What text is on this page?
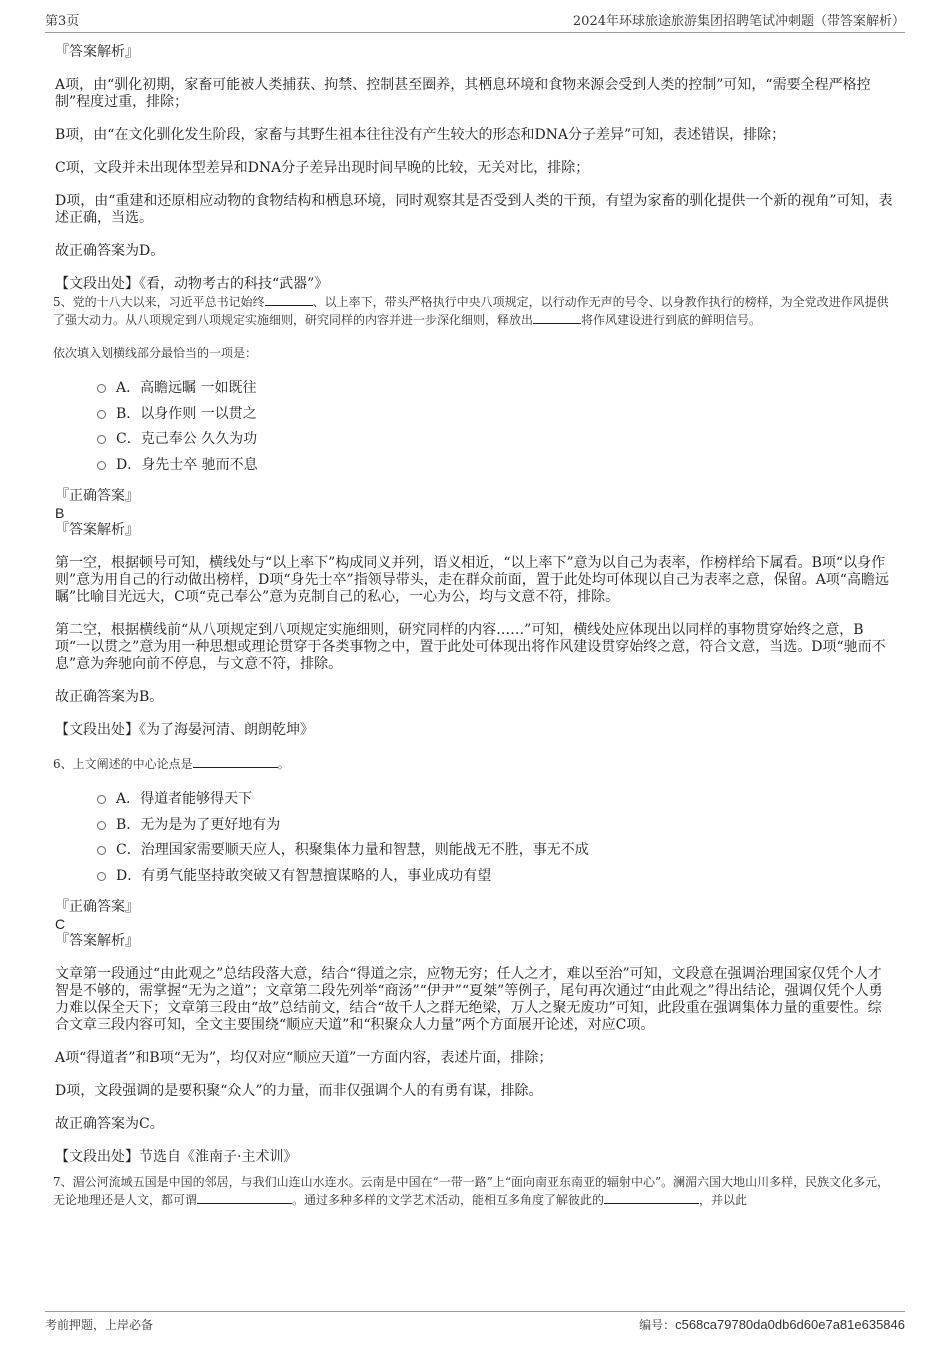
第3页	2024年环球旅途旅游集团招聘笔试冲刺题（带答案解析）

『答案解析』

A项，由“驯化初期，家畜可能被人类捕获、拘禁、控制甚至圈养，其栖息环境和食物来源会受到人类的控制”可知，“需要全程严格控制”程度过重，排除；

B项，由“在文化驯化发生阶段，家畜与其野生祖本往往没有产生较大的形态和DNA分子差异”可知，表述错误，排除；

C项，文段并未出现体型差异和DNA分子差异出现时间早晚的比较，无关对比，排除；

D项，由“重建和还原相应动物的食物结构和栖息环境，同时观察其是否受到人类的干预，有望为家畜的驯化提供一个新的视角”可知，表述正确，当选。

故正确答案为D。

【文段出处】《看，动物考古的科技“武器”》

5、党的十八大以来，习近平总书记始终	、以上率下，带头严格执行中央八项规定，以行动作无声的号令、以身教作执行的榜样，为全党改进作风提供了强大动力。从八项规定到八项规定实施细则，研究同样的内容并进一步深化细则，释放出	将作风建设进行到底的鲜明信号。

依次填入划横线部分最恰当的一项是：

A．高瞻远瞩 一如既往
B．以身作则 一以贯之
C．克己奉公 久久为功
D．身先士卒 驰而不息

『正确答案』

B

『答案解析』

第一空，根据顿号可知，横线处与“以上率下”构成同义并列，语义相近，“以上率下”意为以自己为表率，作榜样给下属看。B项“以身作则”意为用自己的行动做出榜样，D项“身先士卒”指领导带头，走在群众前面，置于此处均可体现以自己为表率之意，保留。A项“高瞻远瞩”比喻目光远大，C项“克己奉公”意为克制自己的私心，一心为公，均与文意不符，排除。

第二空，根据横线前“从八项规定到八项规定实施细则，研究同样的内容……”可知，横线处应体现出以同样的事物贯穿始终之意，B项“一以贯之”意为用一种思想或理论贯穿于各类事物之中，置于此处可体现出将作风建设贯穿始终之意，符合文意，当选。D项“驰而不息”意为奔驰向前不停息，与文意不符，排除。

故正确答案为B。

【文段出处】《为了海晏河清、朗朗乾坤》

6、上文阐述的中心论点是	。

A．得道者能够得天下
B．无为是为了更好地有为
C．治理国家需要顺天应人，积聚集体力量和智慧，则能战无不胜，事无不成
D．有勇气能坚持敢突破又有智慧擅谋略的人，事业成功有望

『正确答案』

C

『答案解析』

文章第一段通过“由此观之”总结段落大意，结合“得道之宗，应物无穷；任人之才，难以至治”可知，文段意在强调治理国家仅凭个人才智是不够的，需掌握“无为之道”；文章第二段先列举“商汤”“伊尹”“夏桀”等例子，尾句再次通过“由此观之”得出结论，强调仅凭个人勇力难以保全天下；文章第三段由“故”总结前文，结合“故千人之群无绝梁，万人之聚无废功”可知，此段重在强调集体力量的重要性。综合文章三段内容可知，全文主要围绕“顺应天道”和“积聚众人力量”两个方面展开论述，对应C项。

A项“得道者”和B项“无为”，均仅对应“顺应天道”一方面内容，表述片面，排除；

D项，文段强调的是要积聚“众人”的力量，而非仅强调个人的有勇有谋，排除。

故正确答案为C。

【文段出处】节选自《淮南子·主术训》

7、湄公河流域五国是中国的邻居，与我们山连山水连水。云南是中国在“一带一路”上“面向南亚东南亚的辐射中心”。澜湄六国大地山川多样，民族文化多元，无论地理还是人文，都可谓	。通过多种多样的文学艺术活动，能相互多角度了解彼此的	，并以此

考前押题，上岸必备	编号：c568ca79780da0db6d60e7a81e635846
